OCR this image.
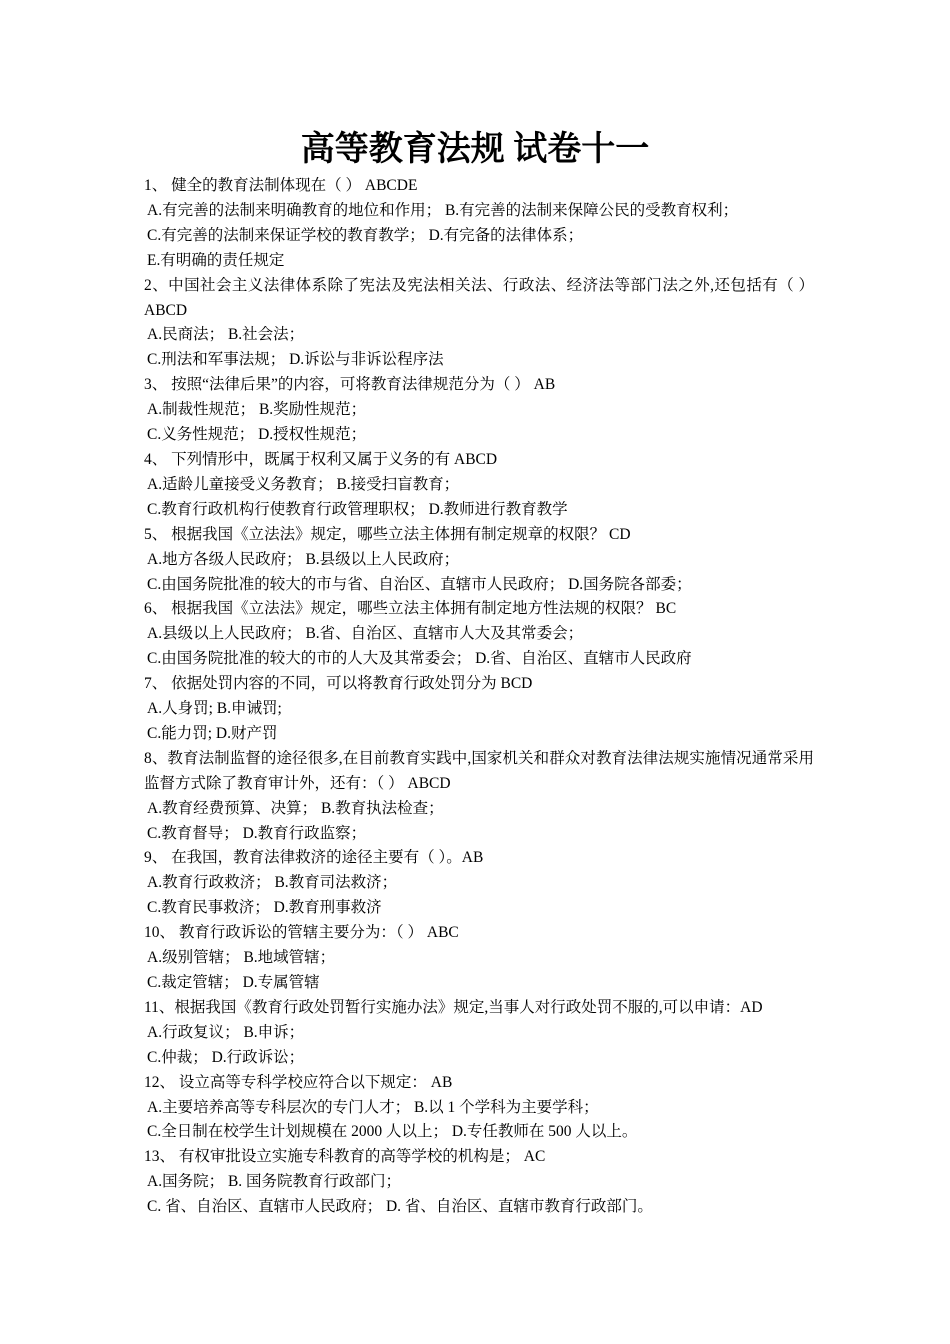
高等教育法规 试卷十一

1、 健全的教育法制体现在（ ） ABCDE

A.有完善的法制来明确教育的地位和作用； B.有完善的法制来保障公民的受教育权利；

C.有完善的法制来保证学校的教育教学； D.有完备的法律体系；

E.有明确的责任规定

2、中国社会主义法律体系除了宪法及宪法相关法、行政法、经济法等部门法之外,还包括有（ ） ABCD

A.民商法； B.社会法；

C.刑法和军事法规； D.诉讼与非诉讼程序法

3、 按照“法律后果”的内容，可将教育法律规范分为（ ） AB

A.制裁性规范； B.奖励性规范；

C.义务性规范； D.授权性规范；

4、 下列情形中，既属于权利又属于义务的有 ABCD

A.适龄儿童接受义务教育； B.接受扫盲教育；

C.教育行政机构行使教育行政管理职权； D.教师进行教育教学

5、 根据我国《立法法》规定，哪些立法主体拥有制定规章的权限？ CD

A.地方各级人民政府； B.县级以上人民政府；

C.由国务院批准的较大的市与省、自治区、直辖市人民政府； D.国务院各部委；

6、 根据我国《立法法》规定，哪些立法主体拥有制定地方性法规的权限？ BC

A.县级以上人民政府； B.省、自治区、直辖市人大及其常委会；

C.由国务院批准的较大的市的人大及其常委会； D.省、自治区、直辖市人民政府

7、 依据处罚内容的不同，可以将教育行政处罚分为 BCD

A.人身罚; B.申诫罚;

C.能力罚; D.财产罚

8、教育法制监督的途径很多,在目前教育实践中,国家机关和群众对教育法律法规实施情况通常采用监督方式除了教育审计外，还有：（ ） ABCD

A.教育经费预算、决算； B.教育执法检查；

C.教育督导； D.教育行政监察；

9、 在我国，教育法律救济的途径主要有（ ）。AB

A.教育行政救济； B.教育司法救济；

C.教育民事救济； D.教育刑事救济

10、 教育行政诉讼的管辖主要分为：（ ） ABC

A.级别管辖； B.地域管辖；

C.裁定管辖； D.专属管辖

11、根据我国《教育行政处罚暂行实施办法》规定,当事人对行政处罚不服的,可以申请：AD

A.行政复议； B.申诉；

C.仲裁； D.行政诉讼；

12、 设立高等专科学校应符合以下规定： AB

A.主要培养高等专科层次的专门人才； B.以 1 个学科为主要学科；

C.全日制在校学生计划规模在 2000 人以上； D.专任教师在 500 人以上。

13、 有权审批设立实施专科教育的高等学校的机构是； AC

A.国务院； B. 国务院教育行政部门；

C. 省、自治区、直辖市人民政府； D. 省、自治区、直辖市教育行政部门。
